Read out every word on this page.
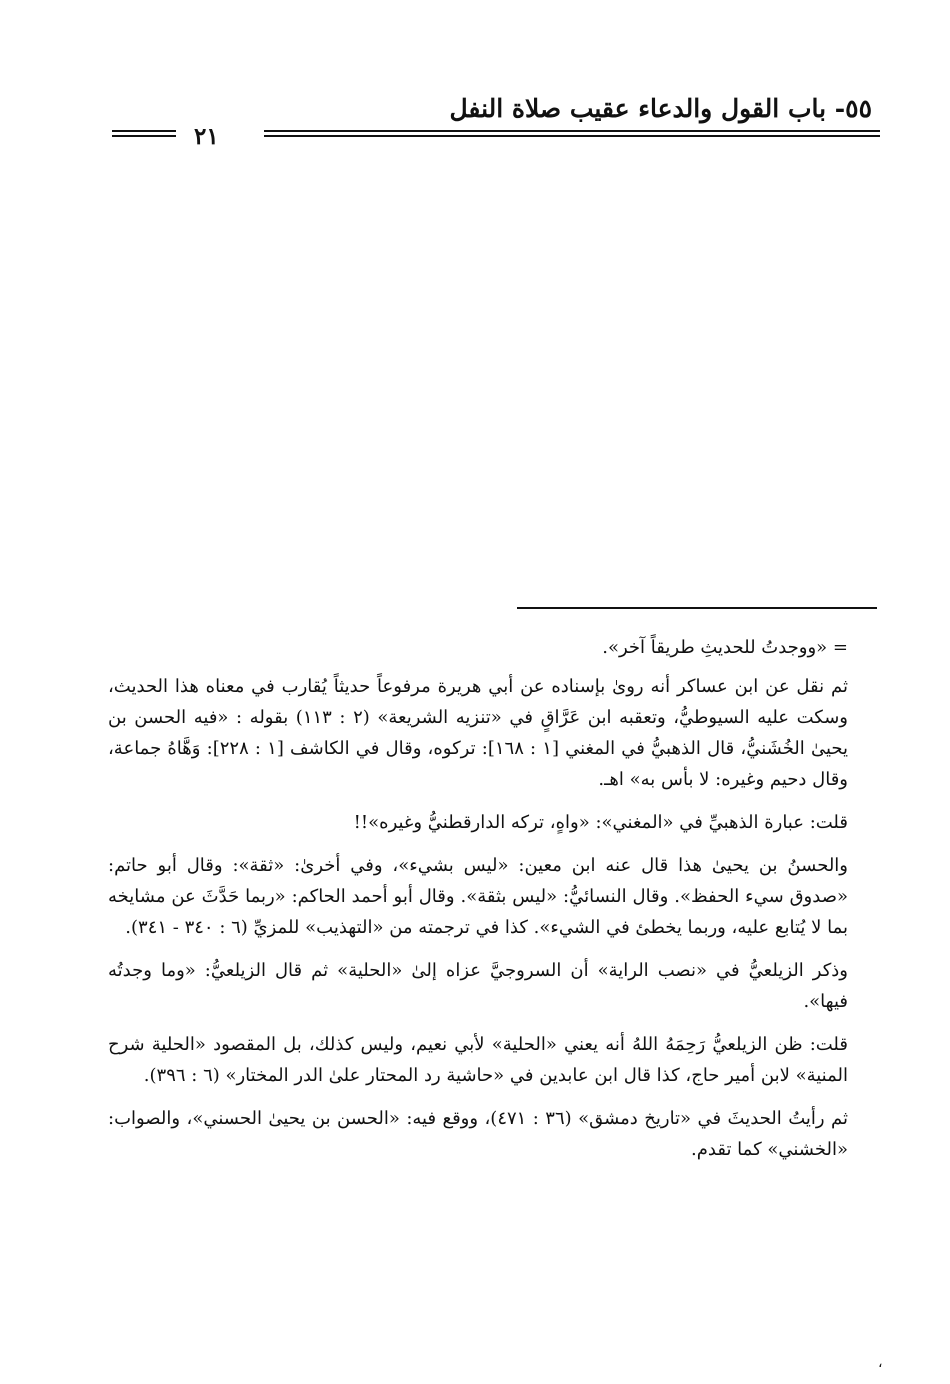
٥٥- باب القول والدعاء عقيب صلاة النفل
٢١

= «ووجدتُ للحديثِ طريقاً آخر».

ثم نقل عن ابن عساكر أنه روىٰ بإسناده عن أبي هريرة مرفوعاً حديثاً يُقارب في معناه هذا الحديث، وسكت عليه السيوطيُّ، وتعقبه ابن عَرَّاقٍ في «تنزيه الشريعة» (٢ : ١١٣) بقوله : «فيه الحسن بن يحيىٰ الخُشَنيُّ، قال الذهبيُّ في المغني [١ : ١٦٨]: تركوه، وقال في الكاشف [١ : ٢٢٨]: وَهَّاهُ جماعة، وقال دحيم وغيره: لا بأس به» اهـ.

قلت: عبارة الذهبيِّ في «المغني»: «واهٍ، تركه الدارقطنيُّ وغيره»!!

والحسنُ بن يحيىٰ هذا قال عنه ابن معين: «ليس بشيء»، وفي أخرىٰ: «ثقة»: وقال أبو حاتم: «صدوق سيء الحفظ». وقال النسائيُّ: «ليس بثقة». وقال أبو أحمد الحاكم: «ربما حَدَّثَ عن مشايخه بما لا يُتابع عليه، وربما يخطئ في الشيء». كذا في ترجمته من «التهذيب» للمزيِّ (٦ : ٣٤٠ - ٣٤١).

وذكر الزيلعيُّ في «نصب الراية» أن السروجيَّ عزاه إلىٰ «الحلية» ثم قال الزيلعيُّ: «وما وجدتُه فيها».

قلت: ظن الزيلعيُّ رَحِمَهُ اللهُ أنه يعني «الحلية» لأبي نعيم، وليس كذلك، بل المقصود «الحلية شرح المنية» لابن أمير حاج، كذا قال ابن عابدين في «حاشية رد المحتار علىٰ الدر المختار» (٦ : ٣٩٦).

ثم رأيتُ الحديثَ في «تاريخ دمشق» (٣٦ : ٤٧١)، ووقع فيه: «الحسن بن يحيىٰ الحسني»، والصواب: «الخشني» كما تقدم.

،
